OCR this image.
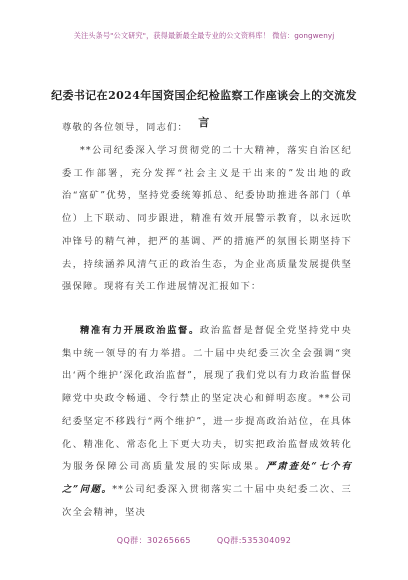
关注头条号"公文研究"，获得最新最全最专业的公文资料库！ 微信：gongwenyj
纪委书记在2024年国资国企纪检监察工作座谈会上的交流发言
尊敬的各位领导，同志们：

**公司纪委深入学习贯彻党的二十大精神，落实自治区纪委工作部署，充分发挥“社会主义是干出来的”发出地的政治“富矿”优势，坚持党委统筹抓总、纪委协助推进各部门（单位）上下联动、同步跟进，精准有效开展警示教育，以永远吹冲锋号的精气神，把严的基调、严的措施严的氛围长期坚持下去，持续涵养风清气正的政治生态，为企业高质量发展提供坚强保障。现将有关工作进展情况汇报如下：

精准有力开展政治监督。政治监督是督促全党坚持党中央集中统一领导的有力举措。二十届中央纪委三次全会强调“突出‘两个维护’深化政治监督”，展现了我们党以有力政治监督保障党中央政令畅通、令行禁止的坚定决心和鲜明态度。**公司纪委坚定不移践行“两个维护”，进一步提高政治站位，在具体化、精准化、常态化上下更大功夫，切实把政治监督成效转化为服务保障公司高质量发展的实际成果。严肃查处“七个有之”问题。**公司纪委深入贯彻落实二十届中央纪委二次、三次全会精神，坚决

QQ群：30265665	QQ群:535304092
